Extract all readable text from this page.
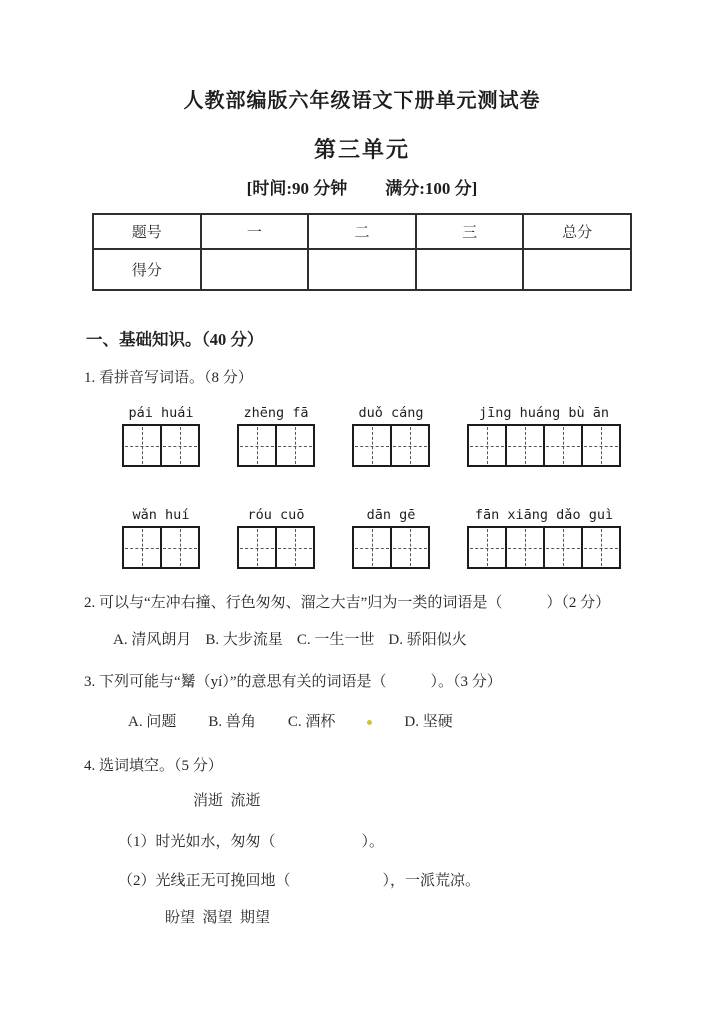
人教部编版六年级语文下册单元测试卷
第三单元
[时间:90 分钟 满分:100 分]
题号	一	二	三	总分
得分				
一、基础知识。（40 分）
1. 看拼音写词语。（8 分）
pái huái	zhēng fā	duǒ cáng	jīng huáng bù ān
wǎn huí	róu cuō	dān gē	fān xiāng dǎo guì
2. 可以与“左冲右撞、行色匆匆、溜之大吉”归为一类的词语是（	）（2 分）
A. 清风朗月 B. 大步流星 C. 一生一世 D. 骄阳似火
3. 下列可能与“觺（yí）”的意思有关的词语是（	）。（3 分）
A. 问题 B. 兽角 C. 酒杯	D. 坚硬
4. 选词填空。（5 分）
消逝  流逝
（1）时光如水，匆匆（	）。
（2）光线正无可挽回地（	），一派荒凉。
盼望  渴望  期望
